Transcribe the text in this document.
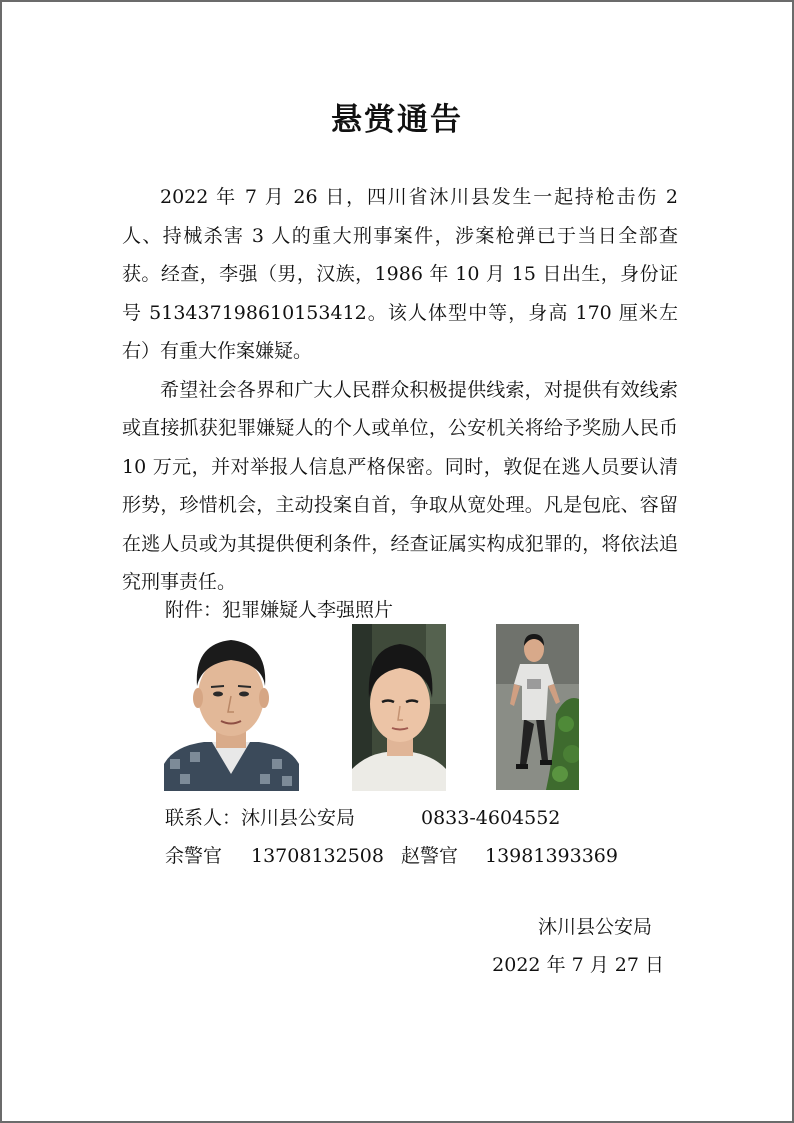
悬赏通告

2022 年 7 月 26 日，四川省沐川县发生一起持枪击伤 2 人、持械杀害 3 人的重大刑事案件，涉案枪弹已于当日全部查获。经查，李强（男，汉族，1986 年 10 月 15 日出生，身份证号 513437198610153412。该人体型中等，身高 170 厘米左右）有重大作案嫌疑。

希望社会各界和广大人民群众积极提供线索，对提供有效线索或直接抓获犯罪嫌疑人的个人或单位，公安机关将给予奖励人民币 10 万元，并对举报人信息严格保密。同时，敦促在逃人员要认清形势，珍惜机会，主动投案自首，争取从宽处理。凡是包庇、容留在逃人员或为其提供便利条件，经查证属实构成犯罪的，将依法追究刑事责任。

附件：犯罪嫌疑人李强照片
联系人：沐川县公安局	0833-4604552
余警官 13708132508 赵警官 13981393369
沐川县公安局
2022 年 7 月 27 日
